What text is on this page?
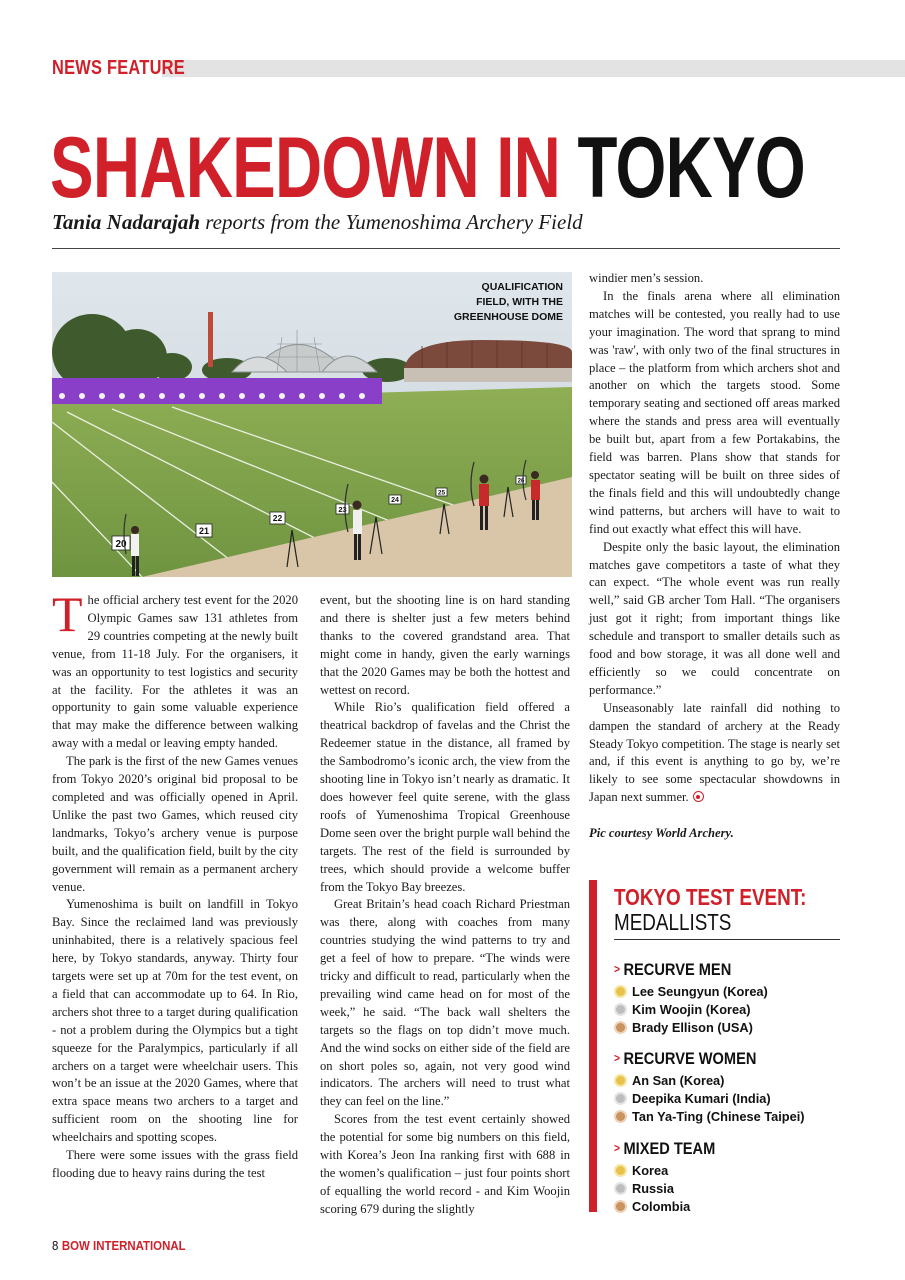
NEWS FEATURE
SHAKEDOWN IN TOKYO
Tania Nadarajah reports from the Yumenoshima Archery Field
20
21
22
23
24
25
26
QUALIFICATION
FIELD, WITH THE
GREENHOUSE DOME

The official archery test event for the 2020 Olympic Games saw 131 athletes from 29 countries competing at the newly built venue, from 11-18 July. For the organisers, it was an opportunity to test logistics and security at the facility. For the athletes it was an opportunity to gain some valuable experience that may make the difference between walking away with a medal or leaving empty handed.

The park is the first of the new Games venues from Tokyo 2020’s original bid proposal to be completed and was officially opened in April. Unlike the past two Games, which reused city landmarks, Tokyo’s archery venue is purpose built, and the qualification field, built by the city government will remain as a permanent archery venue.

Yumenoshima is built on landfill in Tokyo Bay. Since the reclaimed land was previously uninhabited, there is a relatively spacious feel here, by Tokyo standards, anyway. Thirty four targets were set up at 70m for the test event, on a field that can accommodate up to 64. In Rio, archers shot three to a target during qualification - not a problem during the Olympics but a tight squeeze for the Paralympics, particularly if all archers on a target were wheelchair users. This won’t be an issue at the 2020 Games, where that extra space means two archers to a target and sufficient room on the shooting line for wheelchairs and spotting scopes.

There were some issues with the grass field flooding due to heavy rains during the test

event, but the shooting line is on hard standing and there is shelter just a few meters behind thanks to the covered grandstand area. That might come in handy, given the early warnings that the 2020 Games may be both the hottest and wettest on record.

While Rio’s qualification field offered a theatrical backdrop of favelas and the Christ the Redeemer statue in the distance, all framed by the Sambodromo’s iconic arch, the view from the shooting line in Tokyo isn’t nearly as dramatic. It does however feel quite serene, with the glass roofs of Yumenoshima Tropical Greenhouse Dome seen over the bright purple wall behind the targets. The rest of the field is surrounded by trees, which should provide a welcome buffer from the Tokyo Bay breezes.

Great Britain’s head coach Richard Priestman was there, along with coaches from many countries studying the wind patterns to try and get a feel of how to prepare. “The winds were tricky and difficult to read, particularly when the prevailing wind came head on for most of the week,” he said. “The back wall shelters the targets so the flags on top didn’t move much. And the wind socks on either side of the field are on short poles so, again, not very good wind indicators. The archers will need to trust what they can feel on the line.”

Scores from the test event certainly showed the potential for some big numbers on this field, with Korea’s Jeon Ina ranking first with 688 in the women’s qualification – just four points short of equalling the world record - and Kim Woojin scoring 679 during the slightly

windier men’s session.

In the finals arena where all elimination matches will be contested, you really had to use your imagination. The word that sprang to mind was 'raw', with only two of the final structures in place – the platform from which archers shot and another on which the targets stood. Some temporary seating and sectioned off areas marked where the stands and press area will eventually be built but, apart from a few Portakabins, the field was barren. Plans show that stands for spectator seating will be built on three sides of the finals field and this will undoubtedly change wind patterns, but archers will have to wait to find out exactly what effect this will have.

Despite only the basic layout, the elimination matches gave competitors a taste of what they can expect. “The whole event was run really well,” said GB archer Tom Hall. “The organisers just got it right; from important things like schedule and transport to smaller details such as food and bow storage, it was all done well and efficiently so we could concentrate on performance.”

Unseasonably late rainfall did nothing to dampen the standard of archery at the Ready Steady Tokyo competition. The stage is nearly set and, if this event is anything to go by, we’re likely to see some spectacular showdowns in Japan next summer.

Pic courtesy World Archery.

TOKYO TEST EVENT:
MEDALLISTS
> RECURVE MEN
Lee Seungyun (Korea)
Kim Woojin (Korea)
Brady Ellison (USA)
> RECURVE WOMEN
An San (Korea)
Deepika Kumari (India)
Tan Ya-Ting (Chinese Taipei)
> MIXED TEAM
Korea
Russia
Colombia
8 BOW INTERNATIONAL
